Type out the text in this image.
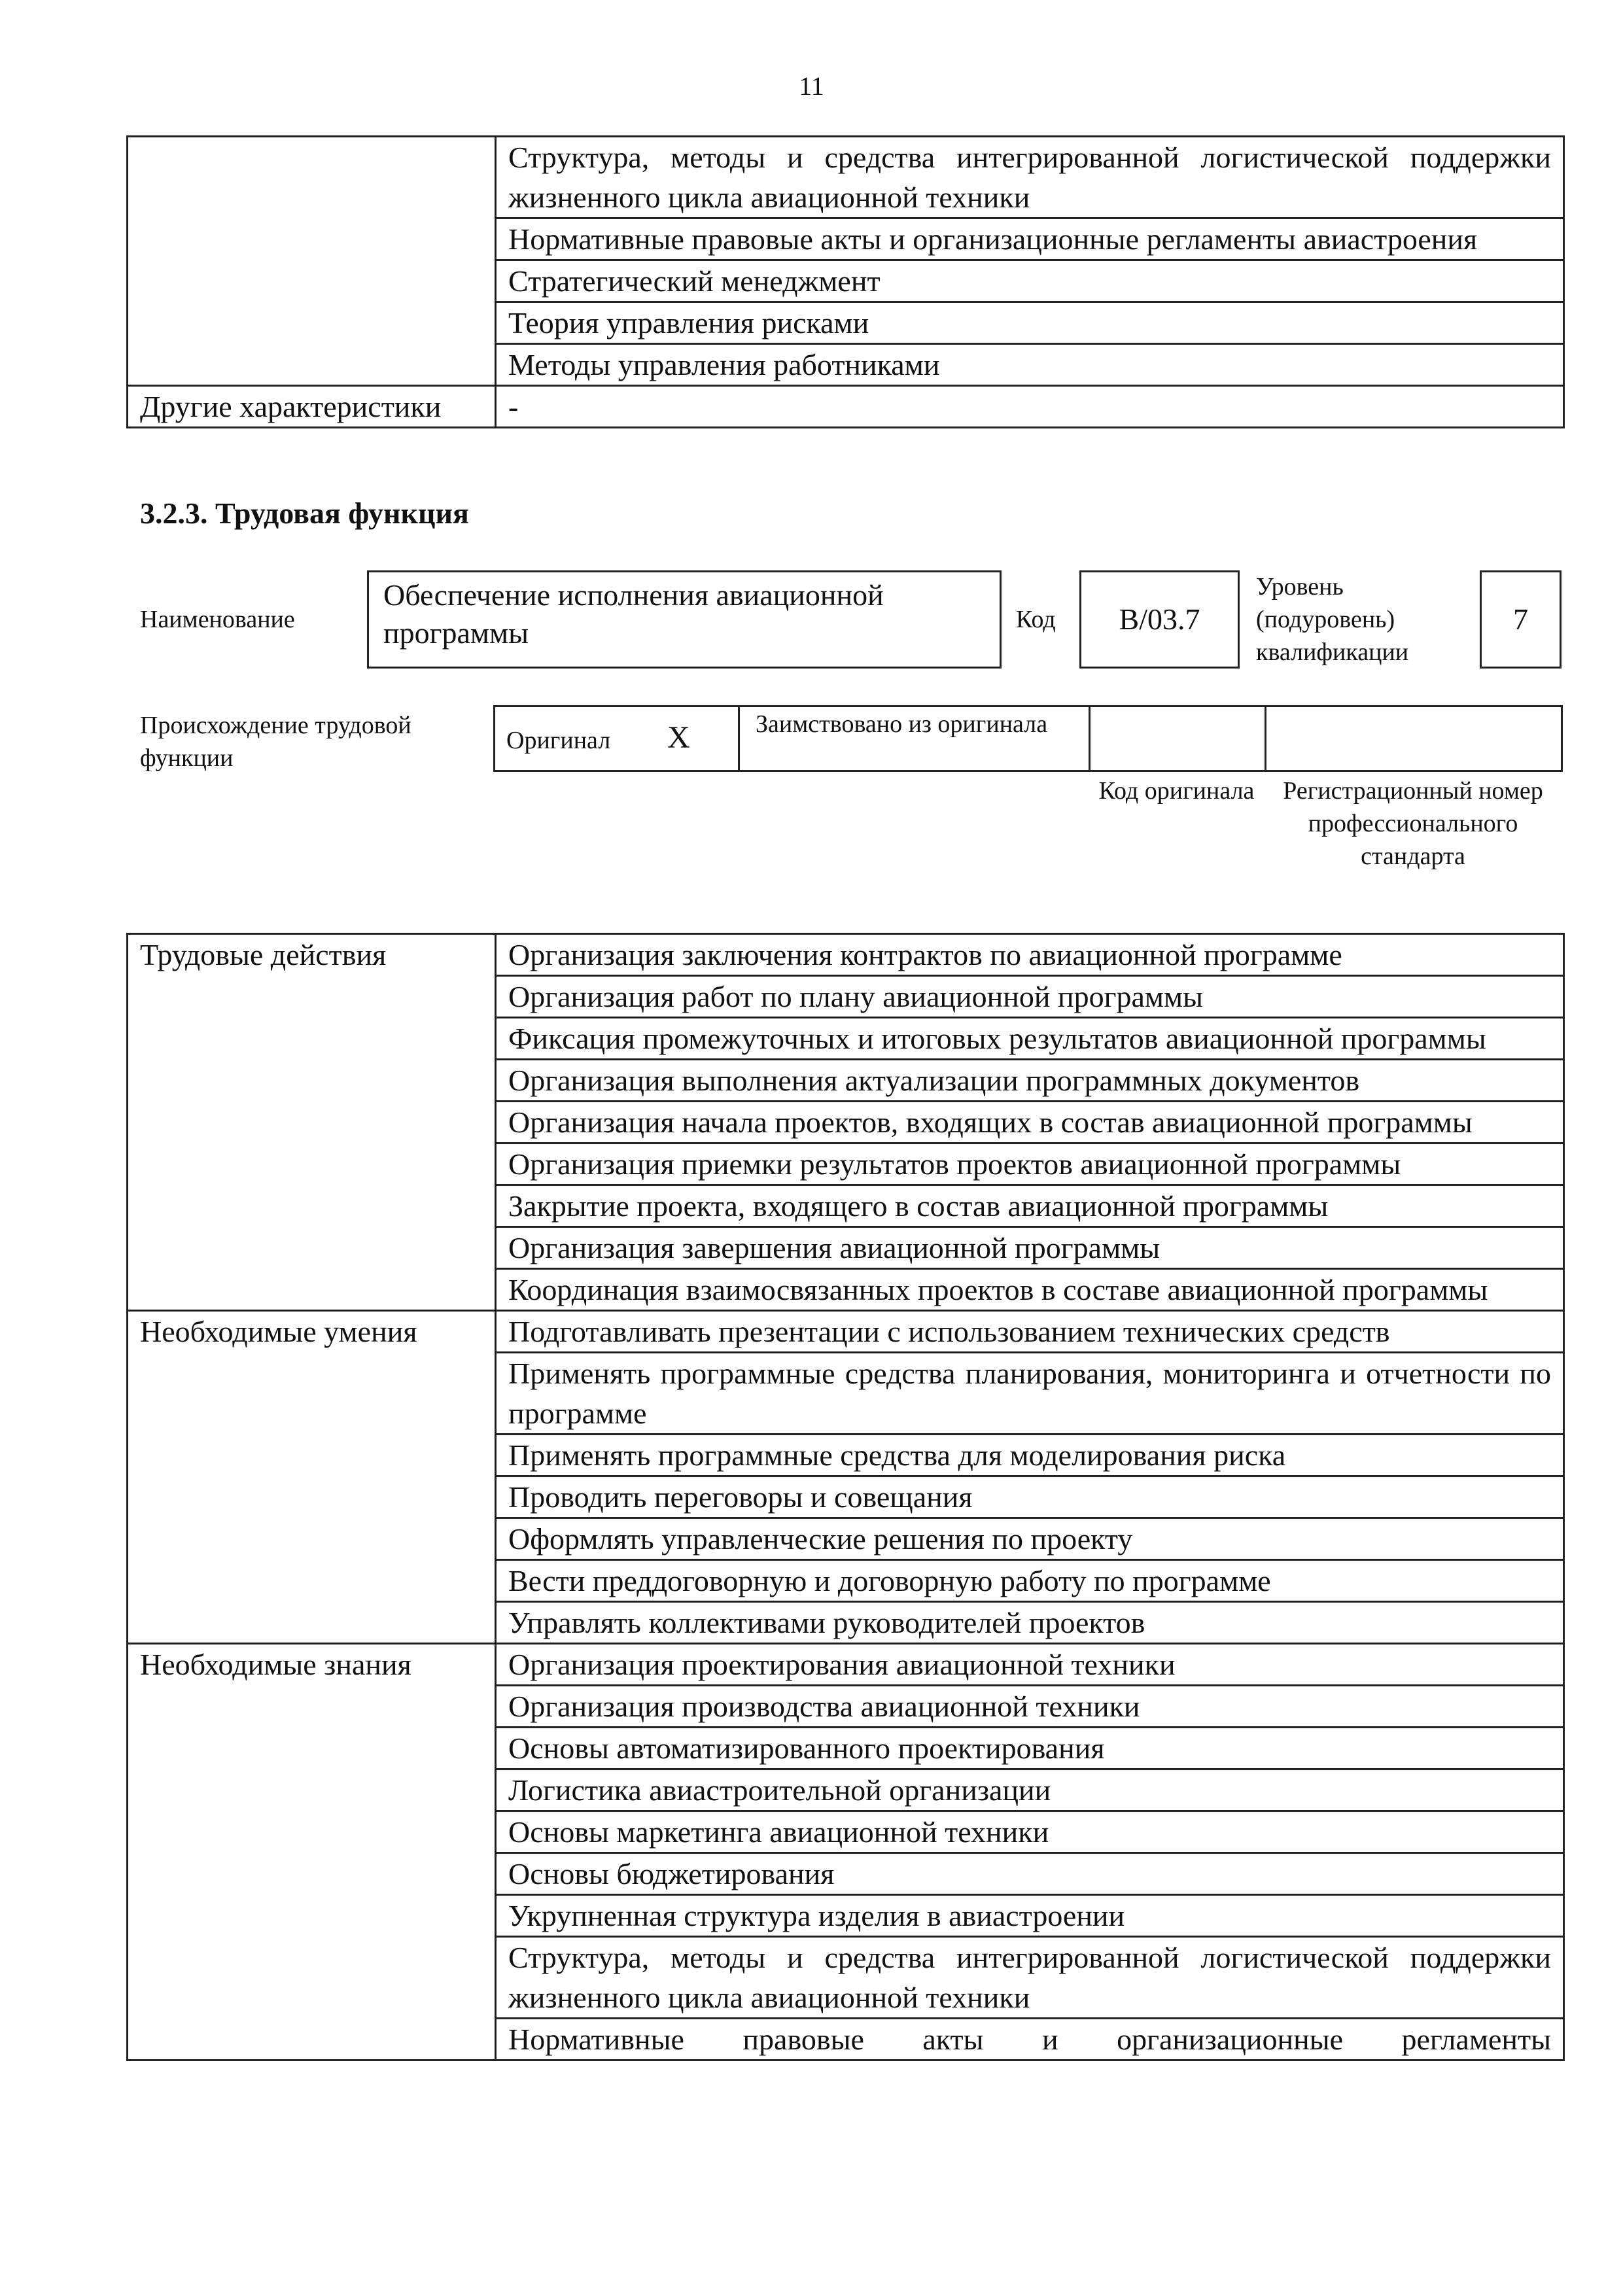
11
	Структура, методы и средства интегрированной логистической поддержки жизненного цикла авиационной техники
	Нормативные правовые акты и организационные регламенты авиастроения
	Стратегический менеджмент
	Теория управления рисками
	Методы управления работниками
Другие характеристики	-
3.2.3. Трудовая функция
Наименование
Обеспечение исполнения авиационной программы	Код	B/03.7
Уровень (подуровень) квалификации
7
Происхождение трудовой функции
Оригинал X	Заимствовано из оригинала
Код оригинала	Регистрационный номер профессионального стандарта
Трудовые действия	Организация заключения контрактов по авиационной программе
	Организация работ по плану авиационной программы
	Фиксация промежуточных и итоговых результатов авиационной программы
	Организация выполнения актуализации программных документов
	Организация начала проектов, входящих в состав авиационной программы
	Организация приемки результатов проектов авиационной программы
	Закрытие проекта, входящего в состав авиационной программы
	Организация завершения авиационной программы
	Координация взаимосвязанных проектов в составе авиационной программы
Необходимые умения	Подготавливать презентации с использованием технических средств
	Применять программные средства планирования, мониторинга и отчетности по программе
	Применять программные средства для моделирования риска
	Проводить переговоры и совещания
	Оформлять управленческие решения по проекту
	Вести преддоговорную и договорную работу по программе
	Управлять коллективами руководителей проектов
Необходимые знания	Организация проектирования авиационной техники
	Организация производства авиационной техники
	Основы автоматизированного проектирования
	Логистика авиастроительной организации
	Основы маркетинга авиационной техники
	Основы бюджетирования
	Укрупненная структура изделия в авиастроении
	Структура, методы и средства интегрированной логистической поддержки жизненного цикла авиационной техники
	Нормативные правовые акты и организационные регламенты
